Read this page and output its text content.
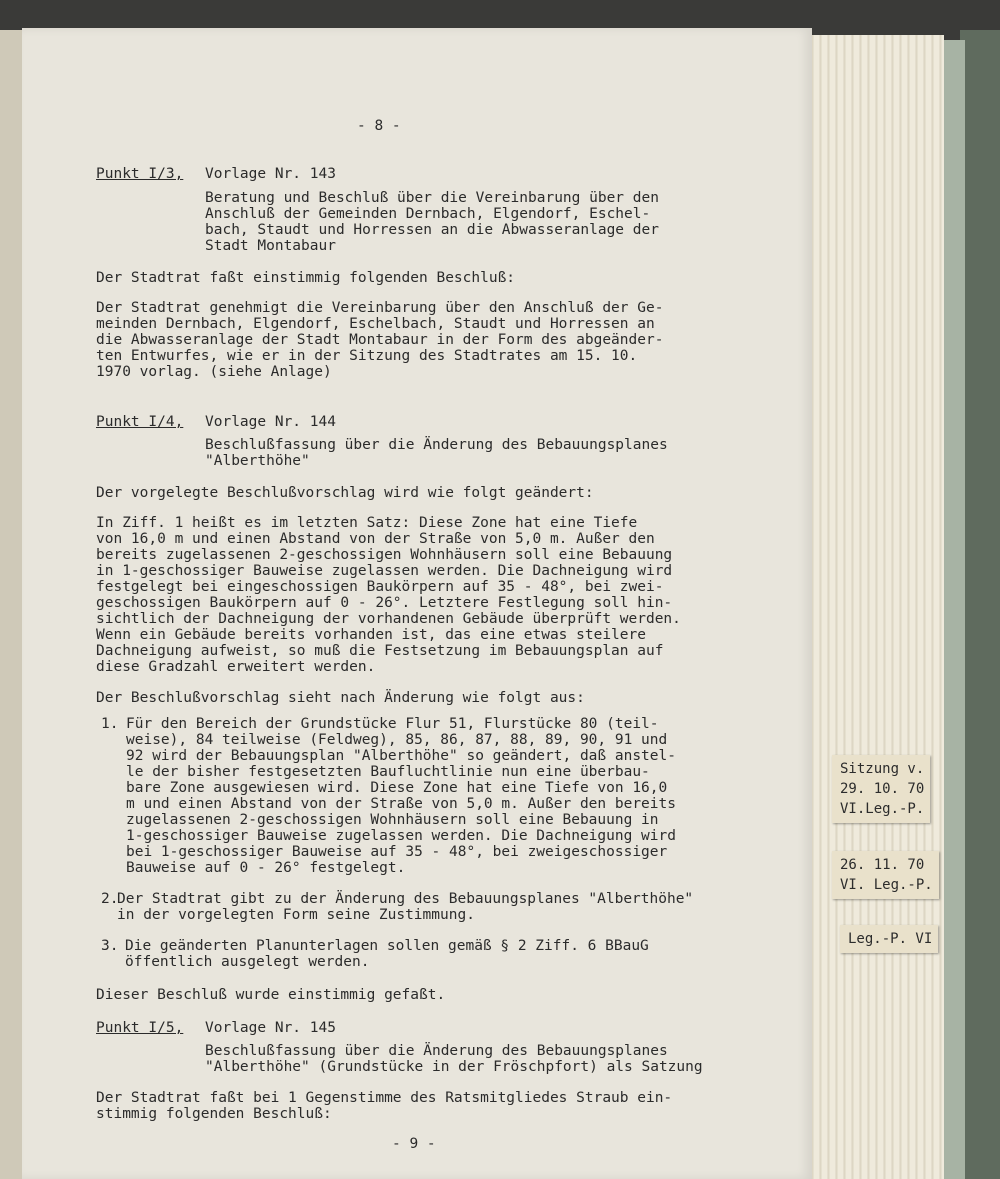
- 8 -
Punkt I/3, Vorlage Nr. 143
Beratung und Beschluß über die Vereinbarung über den
Anschluß der Gemeinden Dernbach, Elgendorf, Eschel-
bach, Staudt und Horressen an die Abwasseranlage der
Stadt Montabaur
Der Stadtrat faßt einstimmig folgenden Beschluß:
Der Stadtrat genehmigt die Vereinbarung über den Anschluß der Ge-
meinden Dernbach, Elgendorf, Eschelbach, Staudt und Horressen an
die Abwasseranlage der Stadt Montabaur in der Form des abgeänder-
ten Entwurfes, wie er in der Sitzung des Stadtrates am 15. 10.
1970 vorlag. (siehe Anlage)
Punkt I/4, Vorlage Nr. 144
Beschlußfassung über die Änderung des Bebauungsplanes
"Alberthöhe"
Der vorgelegte Beschlußvorschlag wird wie folgt geändert:
In Ziff. 1 heißt es im letzten Satz: Diese Zone hat eine Tiefe
von 16,0 m und einen Abstand von der Straße von 5,0 m. Außer den
bereits zugelassenen 2-geschossigen Wohnhäusern soll eine Bebauung
in 1-geschossiger Bauweise zugelassen werden. Die Dachneigung wird
festgelegt bei eingeschossigen Baukörpern auf 35 - 48°, bei zwei-
geschossigen Baukörpern auf 0 - 26°. Letztere Festlegung soll hin-
sichtlich der Dachneigung der vorhandenen Gebäude überprüft werden.
Wenn ein Gebäude bereits vorhanden ist, das eine etwas steilere
Dachneigung aufweist, so muß die Festsetzung im Bebauungsplan auf
diese Gradzahl erweitert werden.
Der Beschlußvorschlag sieht nach Änderung wie folgt aus:
1. Für den Bereich der Grundstücke Flur 51, Flurstücke 80 (teil-
weise), 84 teilweise (Feldweg), 85, 86, 87, 88, 89, 90, 91 und
92 wird der Bebauungsplan "Alberthöhe" so geändert, daß anstel-
le der bisher festgesetzten Baufluchtlinie nun eine überbau-
bare Zone ausgewiesen wird. Diese Zone hat eine Tiefe von 16,0
m und einen Abstand von der Straße von 5,0 m. Außer den bereits
zugelassenen 2-geschossigen Wohnhäusern soll eine Bebauung in
1-geschossiger Bauweise zugelassen werden. Die Dachneigung wird
bei 1-geschossiger Bauweise auf 35 - 48°, bei zweigeschossiger
Bauweise auf 0 - 26° festgelegt.
2.
Der Stadtrat gibt zu der Änderung des Bebauungsplanes "Alberthöhe"
in der vorgelegten Form seine Zustimmung.
3. Die geänderten Planunterlagen sollen gemäß § 2 Ziff. 6 BBauG
öffentlich ausgelegt werden.
Dieser Beschluß wurde einstimmig gefaßt.
Punkt I/5, Vorlage Nr. 145
Beschlußfassung über die Änderung des Bebauungsplanes
"Alberthöhe" (Grundstücke in der Fröschpfort) als Satzung
Der Stadtrat faßt bei 1 Gegenstimme des Ratsmitgliedes Straub ein-
stimmig folgenden Beschluß:
- 9 -
Sitzung v.
29. 10. 70
VI.Leg.-P.
26. 11. 70
VI. Leg.-P.
Leg.-P. VI
